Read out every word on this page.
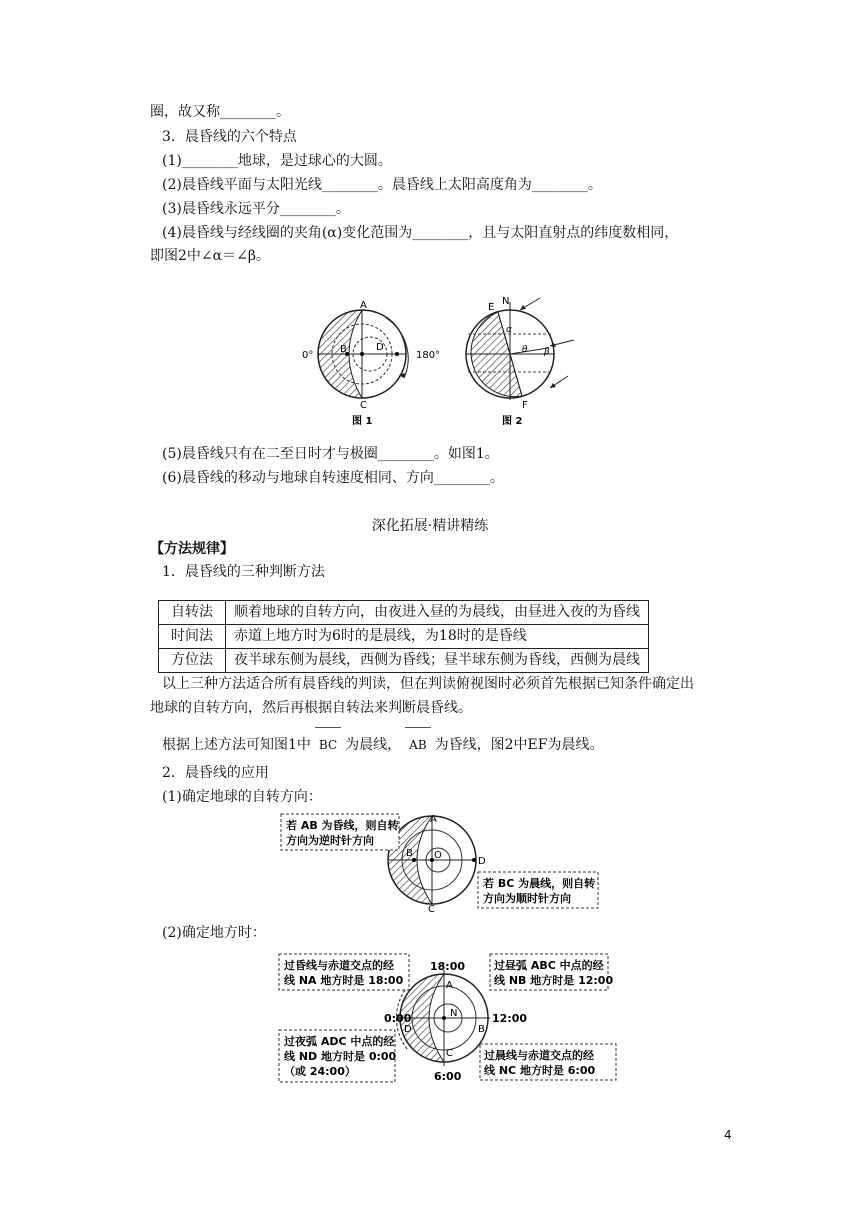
圈，故又称________。
3．晨昏线的六个特点
(1)________地球，是过球心的大圆。
(2)晨昏线平面与太阳光线________。晨昏线上太阳高度角为________。
(3)晨昏线永远平分________。
(4)晨昏线与经线圈的夹角(α)变化范围为________，且与太阳直射点的纬度数相同，
即图2中∠α＝∠β。
A
B	D
C
0°	180°
图 1
E
N
α
θ β
F
图 2
(5)晨昏线只有在二至日时才与极圈________。如图1。
(6)晨昏线的移动与地球自转速度相同、方向________。
深化拓展·精讲精练
【方法规律】
1．晨昏线的三种判断方法
自转法	顺着地球的自转方向，由夜进入昼的为晨线，由昼进入夜的为昏线
时间法	赤道上地方时为6时的是晨线，为18时的是昏线
方位法	夜半球东侧为晨线，西侧为昏线；昼半球东侧为昏线，西侧为晨线
以上三种方法适合所有晨昏线的判读，但在判读俯视图时必须首先根据已知条件确定出
地球的自转方向，然后再根据自转法来判断晨昏线。
根据上述方法可知图1中 BC 为晨线， AB 为昏线，图2中EF为晨线。
2．晨昏线的应用
(1)确定地球的自转方向：
A
B O
D
C
若 AB 为昏线，则自转
方向为逆时针方向
若 BC 为晨线，则自转
方向为顺时针方向
(2)确定地方时：
18:00
12:00
0:00
6:00
A
B
C
D
N
过昏线与赤道交点的经
线 NA 地方时是 18:00
过昼弧 ABC 中点的经
线 NB 地方时是 12:00
过夜弧 ADC 中点的经
线 ND 地方时是 0:00
（或 24:00）
过晨线与赤道交点的经
线 NC 地方时是 6:00
4
